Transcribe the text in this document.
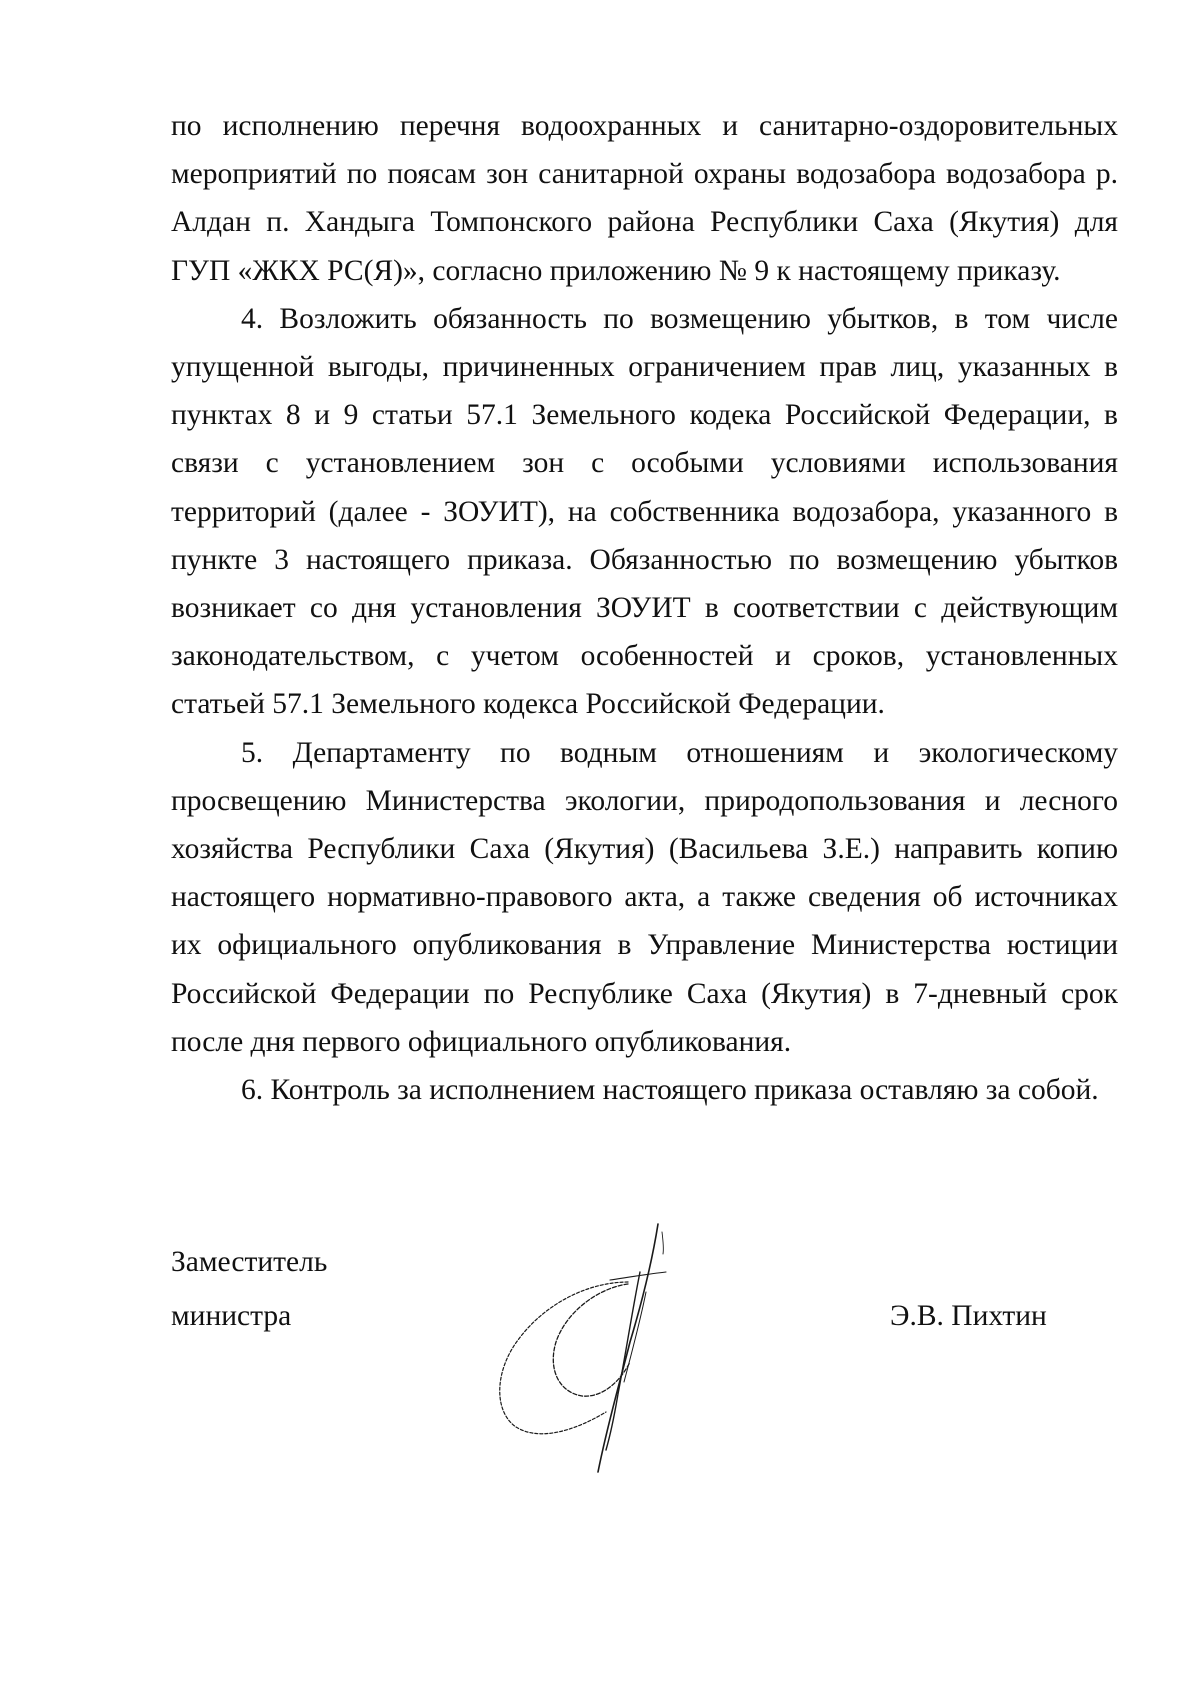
по исполнению перечня водоохранных и санитарно-оздоровительных мероприятий по поясам зон санитарной охраны водозабора водозабора р. Алдан п. Хандыга Томпонского района Республики Саха (Якутия) для ГУП «ЖКХ РС(Я)», согласно приложению № 9 к настоящему приказу.

4. Возложить обязанность по возмещению убытков, в том числе упущенной выгоды, причиненных ограничением прав лиц, указанных в пунктах 8 и 9 статьи 57.1 Земельного кодека Российской Федерации, в связи с установлением зон с особыми условиями использования территорий (далее - ЗОУИТ), на собственника водозабора, указанного в пункте 3 настоящего приказа. Обязанностью по возмещению убытков возникает со дня установления ЗОУИТ в соответствии с действующим законодательством, с учетом особенностей и сроков, установленных статьей 57.1 Земельного кодекса Российской Федерации.

5. Департаменту по водным отношениям и экологическому просвещению Министерства экологии, природопользования и лесного хозяйства Республики Саха (Якутия) (Васильева З.Е.) направить копию настоящего нормативно-правового акта, а также сведения об источниках их официального опубликования в Управление Министерства юстиции Российской Федерации по Республике Саха (Якутия) в 7-дневный срок после дня первого официального опубликования.

6. Контроль за исполнением настоящего приказа оставляю за собой.

Заместитель
министра	Э.В. Пихтин
